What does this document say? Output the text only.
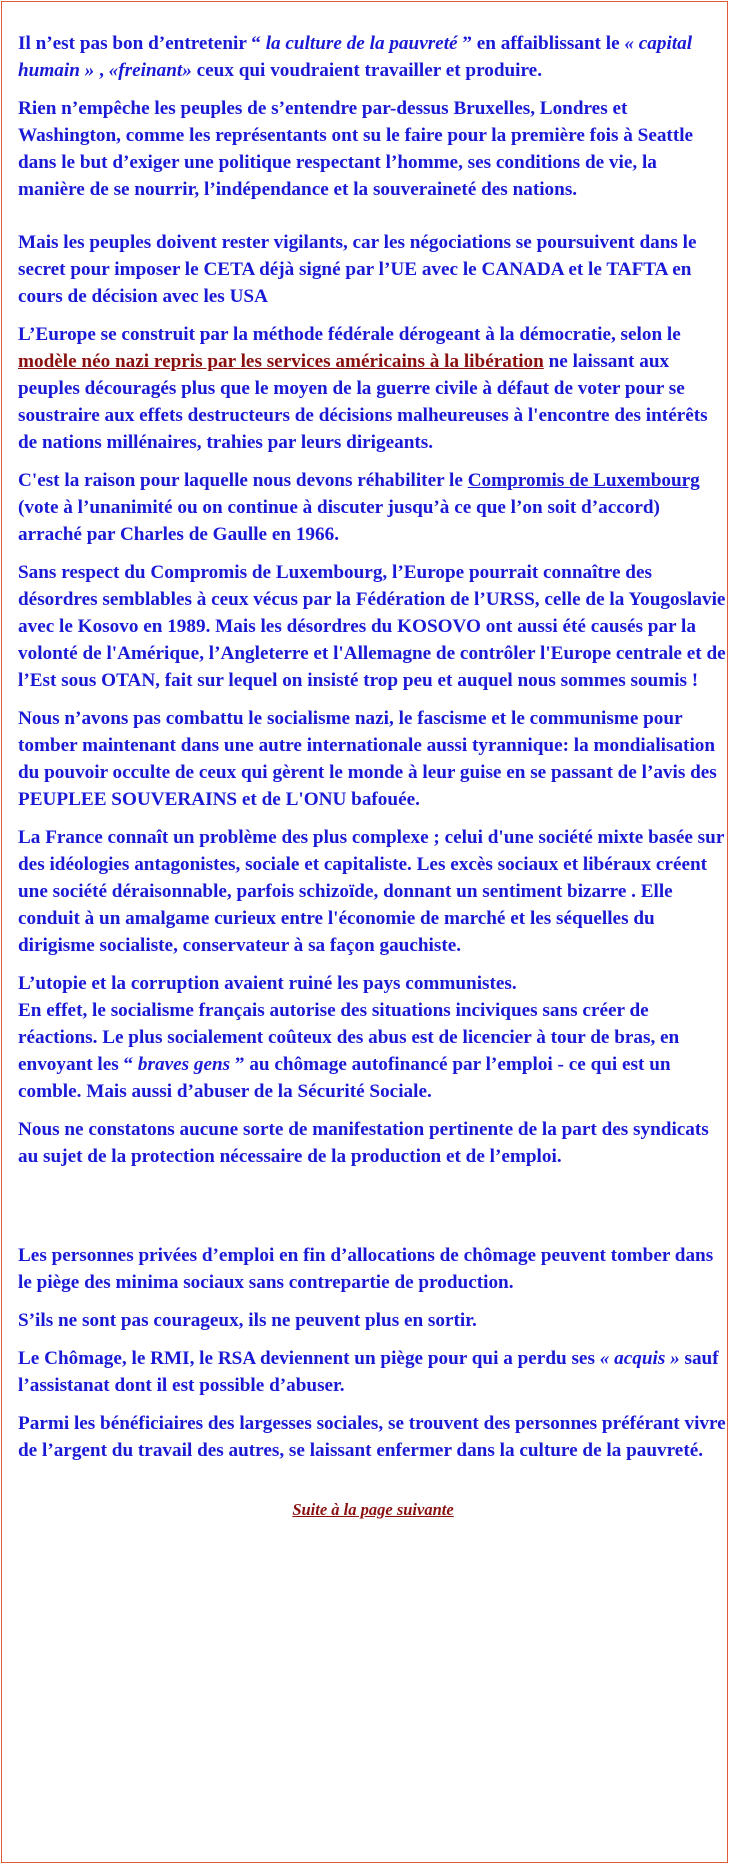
Il n’est pas bon d’entretenir “ la culture de la pauvreté ” en affaiblissant le « capital humain » , «freinant» ceux qui voudraient travailler et produire.

Rien n’empêche les peuples de s’entendre par-dessus Bruxelles, Londres et Washington, comme les représentants ont su le faire pour la première fois à Seattle dans le but d’exiger une politique respectant l’homme, ses conditions de vie, la manière de se nourrir, l’indépendance et la souveraineté des nations.

Mais les peuples doivent rester vigilants, car les négociations se poursuivent dans le secret pour imposer le CETA déjà signé par l’UE avec le CANADA et le TAFTA en cours de décision avec les USA

L’Europe se construit par la méthode fédérale dérogeant à la démocratie, selon le modèle néo nazi repris par les services américains à la libération ne laissant aux peuples découragés plus que le moyen de la guerre civile à défaut de voter pour se soustraire aux effets destructeurs de décisions malheureuses à l'encontre des intérêts de nations millénaires, trahies par leurs dirigeants.

C'est la raison pour laquelle nous devons réhabiliter le Compromis de Luxembourg (vote à l’unanimité ou on continue à discuter jusqu’à ce que l’on soit d’accord) arraché par Charles de Gaulle en 1966.

Sans respect du Compromis de Luxembourg, l’Europe pourrait connaître des désordres semblables à ceux vécus par la Fédération de l’URSS, celle de la Yougoslavie avec le Kosovo en 1989. Mais les désordres du KOSOVO ont aussi été causés par la volonté de l'Amérique, l’Angleterre et l'Allemagne de contrôler l'Europe centrale et de l’Est sous OTAN, fait sur lequel on insisté trop peu et auquel nous sommes soumis !

Nous n’avons pas combattu le socialisme nazi, le fascisme et le communisme pour tomber maintenant dans une autre internationale aussi tyrannique: la mondialisation du pouvoir occulte de ceux qui gèrent le monde à leur guise en se passant de l’avis des PEUPLEE SOUVERAINS et de L'ONU bafouée.

La France connaît un problème des plus complexe ; celui d'une société mixte basée sur des idéologies antagonistes, sociale et capitaliste. Les excès sociaux et libéraux créent une société déraisonnable, parfois schizoïde, donnant un sentiment bizarre . Elle conduit à un amalgame curieux entre l'économie de marché et les séquelles du dirigisme socialiste, conservateur à sa façon gauchiste.

L’utopie et la corruption avaient ruiné les pays communistes.
En effet, le socialisme français autorise des situations inciviques sans créer de réactions. Le plus socialement coûteux des abus est de licencier à tour de bras, en envoyant les “ braves gens ” au chômage autofinancé par l’emploi - ce qui est un comble. Mais aussi d’abuser de la Sécurité Sociale.

Nous ne constatons aucune sorte de manifestation pertinente de la part des syndicats au sujet de la protection nécessaire de la production et de l’emploi.

Les personnes privées d’emploi en fin d’allocations de chômage peuvent tomber dans le piège des minima sociaux sans contrepartie de production.

S’ils ne sont pas courageux, ils ne peuvent plus en sortir.

Le Chômage, le RMI, le RSA deviennent un piège pour qui a perdu ses « acquis » sauf l’assistanat dont il est possible d’abuser.

Parmi les bénéficiaires des largesses sociales, se trouvent des personnes préférant vivre de l’argent du travail des autres, se laissant enfermer dans la culture de la pauvreté.

Suite à la page suivante
